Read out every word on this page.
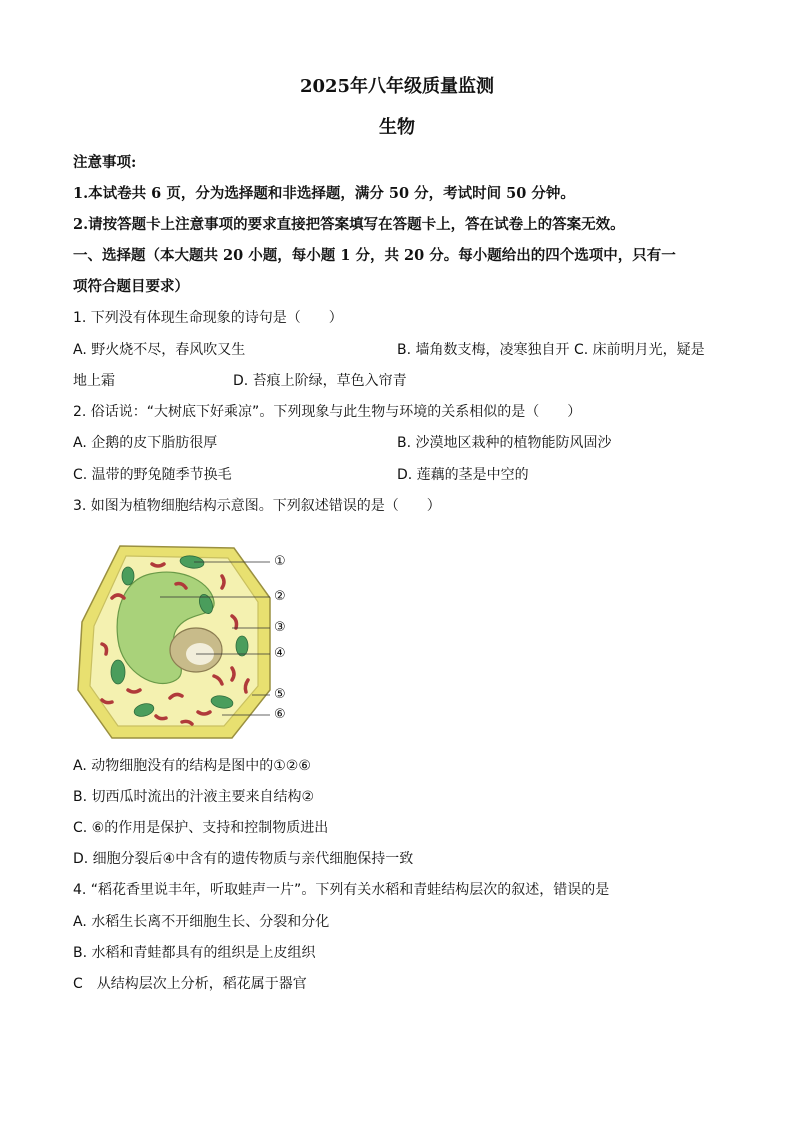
2025年八年级质量监测
生物
注意事项:
1.本试卷共 6 页，分为选择题和非选择题，满分 50 分，考试时间 50 分钟。
2.请按答题卡上注意事项的要求直接把答案填写在答题卡上，答在试卷上的答案无效。
一、选择题（本大题共 20 小题，每小题 1 分，共 20 分。每小题给出的四个选项中，只有一
项符合题目要求）
1. 下列没有体现生命现象的诗句是（　　）
A. 野火烧不尽，春风吹又生	B. 墙角数支梅，凌寒独自开 C. 床前明月光，疑是
地上霜	D. 苔痕上阶绿，草色入帘青
2. 俗话说：“大树底下好乘凉”。下列现象与此生物与环境的关系相似的是（　　）
A. 企鹅的皮下脂肪很厚	B. 沙漠地区栽种的植物能防风固沙
C. 温带的野兔随季节换毛	D. 莲藕的茎是中空的
3. 如图为植物细胞结构示意图。下列叙述错误的是（　　）
①
②
③
④
⑤
⑥
A. 动物细胞没有的结构是图中的①②⑥
B. 切西瓜时流出的汁液主要来自结构②
C. ⑥的作用是保护、支持和控制物质进出
D. 细胞分裂后④中含有的遗传物质与亲代细胞保持一致
4. “稻花香里说丰年，听取蛙声一片”。下列有关水稻和青蛙结构层次的叙述，错误的是
A. 水稻生长离不开细胞生长、分裂和分化
B. 水稻和青蛙都具有的组织是上皮组织
C　从结构层次上分析，稻花属于器官
